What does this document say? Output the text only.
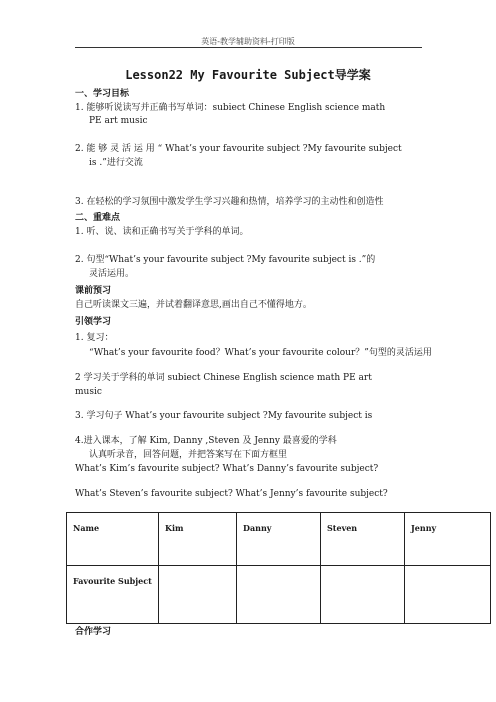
英语-教学辅助资料-打印版
Lesson22 My Favourite Subject导学案
一、学习目标
1. 能够听说读写并正确书写单词：subiect Chinese English science math
PE art music
2. 能 够 灵 活 运 用 “ What’s your favourite subject ?My favourite subject
is .”进行交流
3. 在轻松的学习氛围中激发学生学习兴趣和热情，培养学习的主动性和创造性
二、重难点
1. 听、说、读和正确书写关于学科的单词。
2. 句型“What’s your favourite subject ?My favourite subject is .”的
灵活运用。
课前预习
自己听读课文三遍，并试着翻译意思,画出自己不懂得地方。
引领学习
1. 复习：
“What’s your favourite food？What’s your favourite colour？”句型的灵活运用
2 学习关于学科的单词 subiect Chinese English science math PE art
music
3. 学习句子 What’s your favourite subject ?My favourite subject is
4.进入课本，了解 Kim, Danny ,Steven 及 Jenny 最喜爱的学科
认真听录音，回答问题，并把答案写在下面方框里
What’s Kim’s favourite subject? What’s Danny’s favourite subject?
What’s Steven’s favourite subject? What’s Jenny’s favourite subject?
Name	Kim	Danny	Steven	Jenny
Favourite Subject				
合作学习
